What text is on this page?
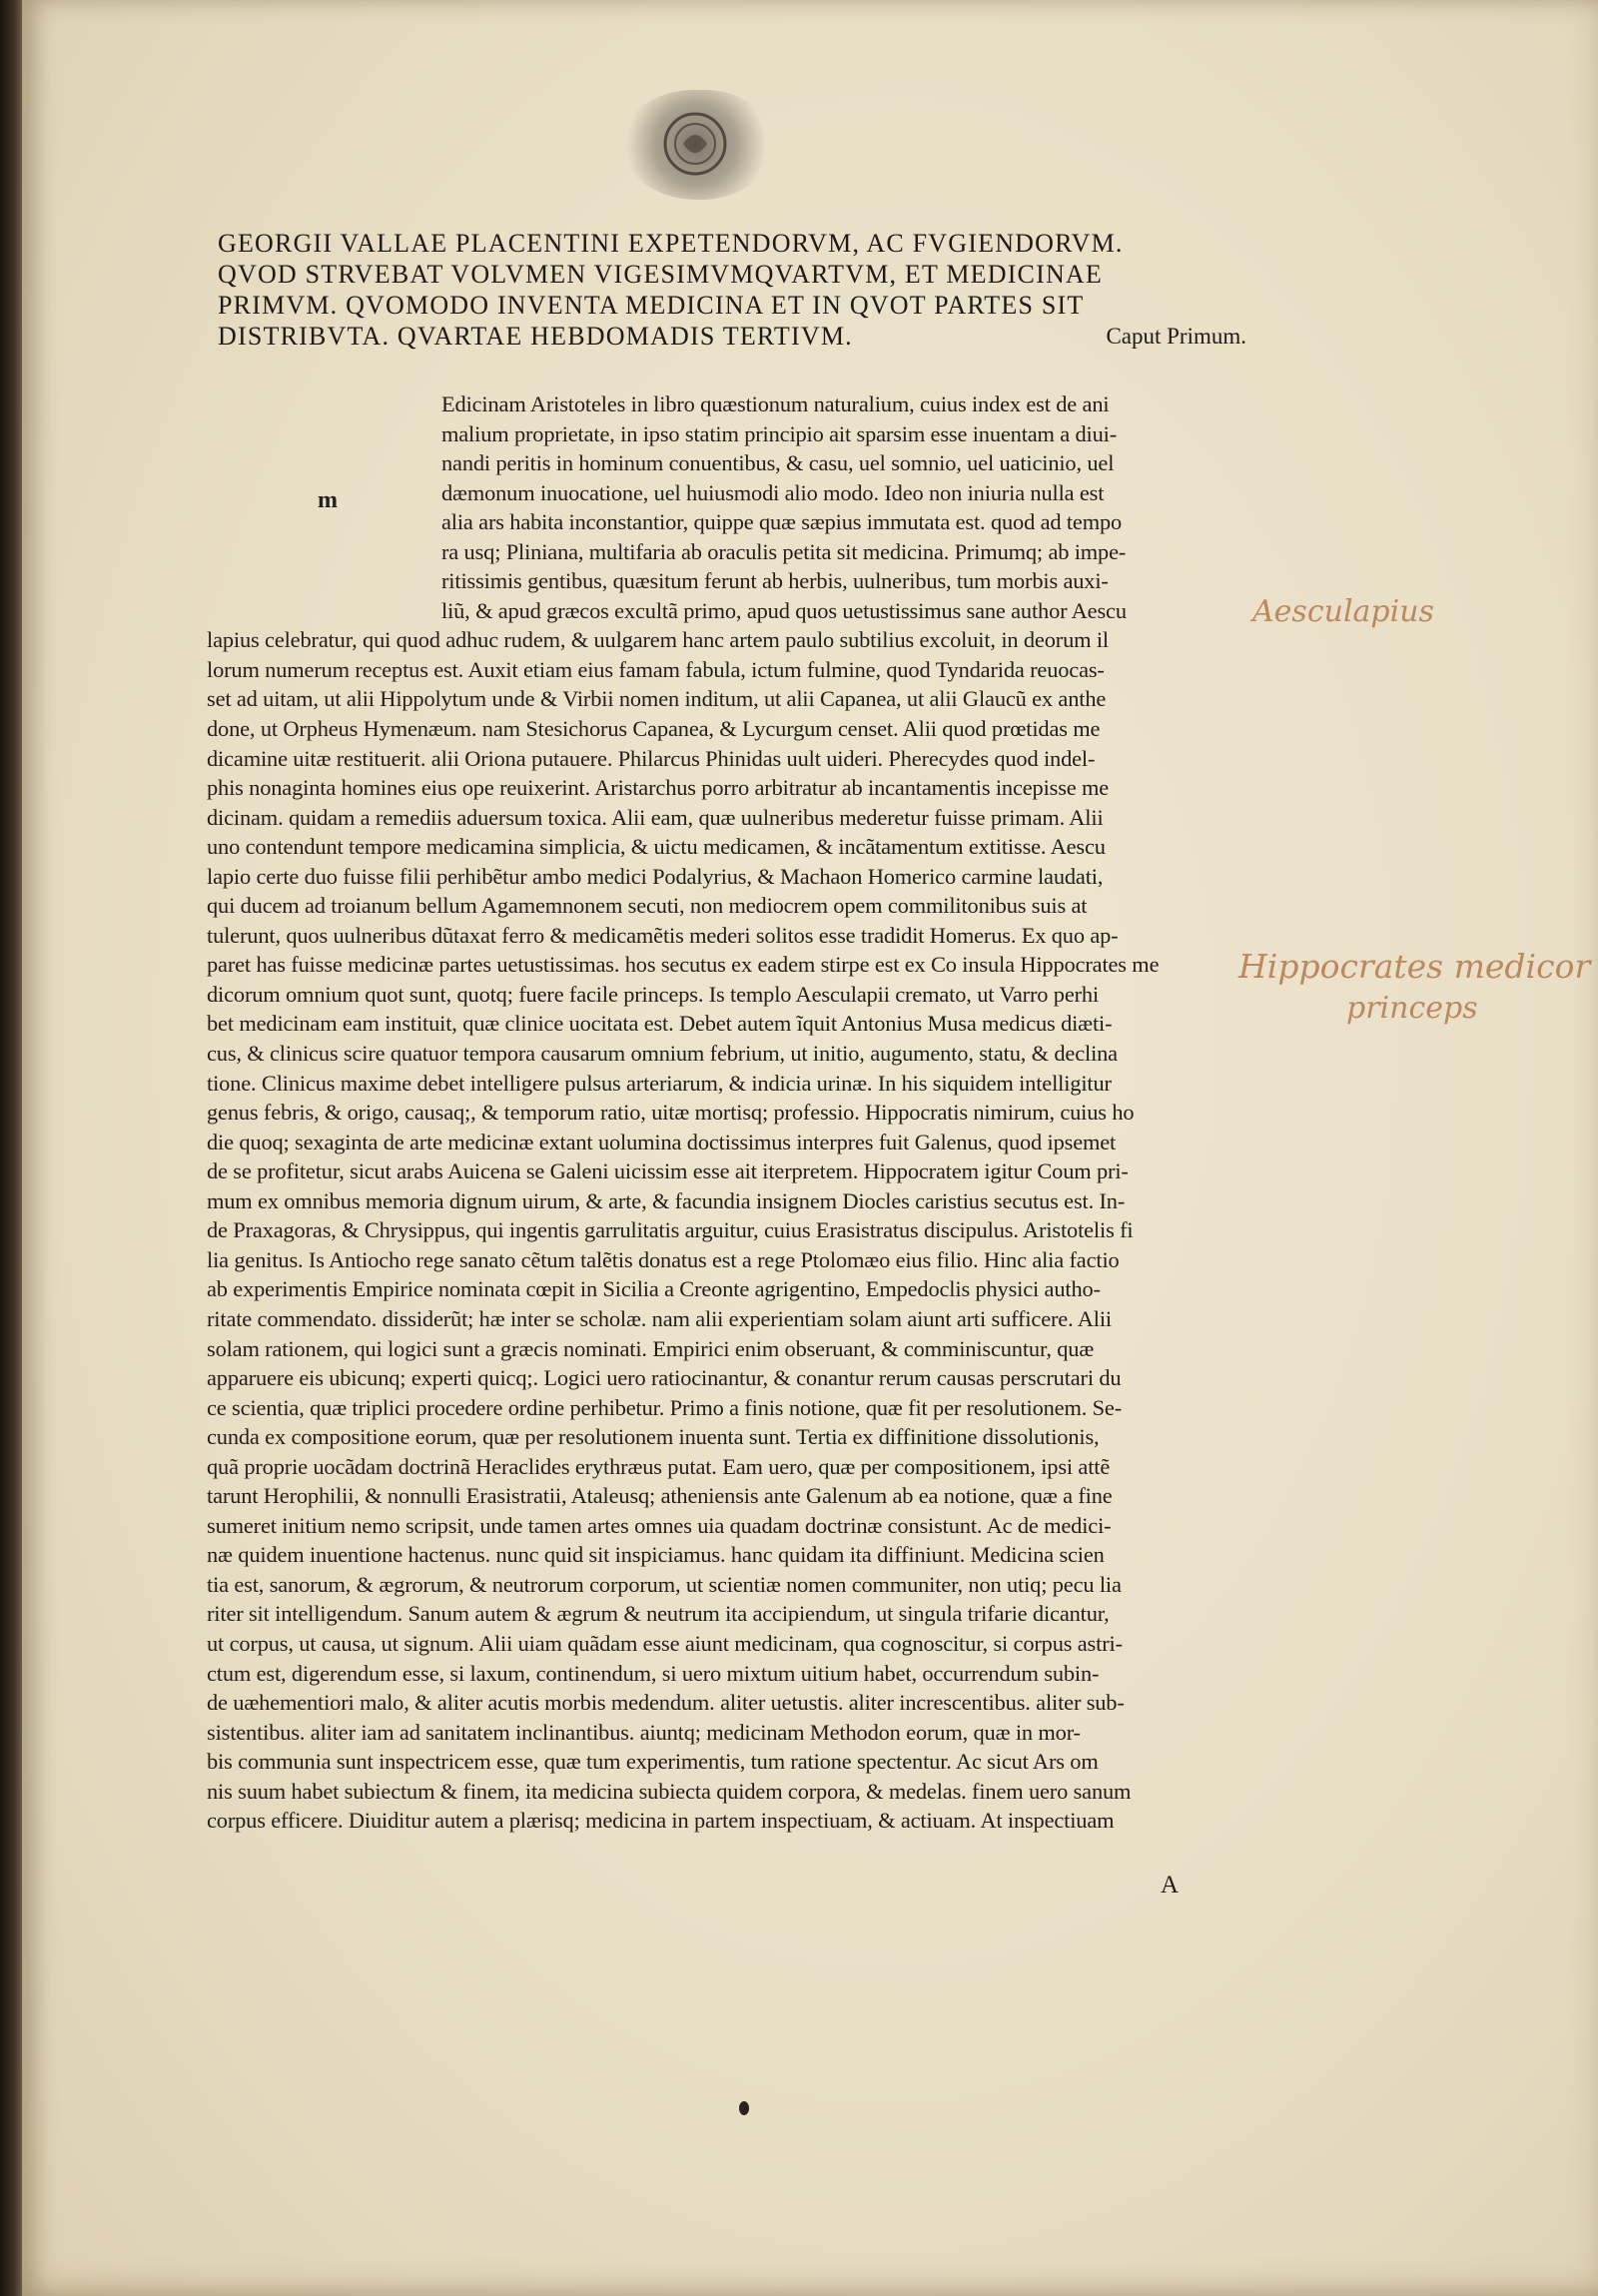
GEORGII VALLAE PLACENTINI EXPETENDORVM, AC FVGIENDORVM.
QVOD STRVEBAT VOLVMEN VIGESIMVMQVARTVM, ET MEDICINAE
PRIMVM. QVOMODO INVENTA MEDICINA ET IN QVOT PARTES SIT
DISTRIBVTA. QVARTAE HEBDOMADIS TERTIVM.	Caput Primum.
m
Edicinam Aristoteles in libro quæstionum naturalium, cuius index est de ani
malium proprietate, in ipso statim principio ait sparsim esse inuentam a diui-
nandi peritis in hominum conuentibus, & casu, uel somnio, uel uaticinio, uel
dæmonum inuocatione, uel huiusmodi alio modo. Ideo non iniuria nulla est
alia ars habita inconstantior, quippe quæ sæpius immutata est. quod ad tempo
ra usq; Pliniana, multifaria ab oraculis petita sit medicina. Primumq; ab impe-
ritissimis gentibus, quæsitum ferunt ab herbis, uulneribus, tum morbis auxi-
liũ, & apud græcos excultã primo, apud quos uetustissimus sane author Aescu
lapius celebratur, qui quod adhuc rudem, & uulgarem hanc artem paulo subtilius excoluit, in deorum il
lorum numerum receptus est. Auxit etiam eius famam fabula, ictum fulmine, quod Tyndarida reuocas-
set ad uitam, ut alii Hippolytum unde & Virbii nomen inditum, ut alii Capanea, ut alii Glaucũ ex anthe
done, ut Orpheus Hymenæum. nam Stesichorus Capanea, & Lycurgum censet. Alii quod prœtidas me
dicamine uitæ restituerit. alii Oriona putauere. Philarcus Phinidas uult uideri. Pherecydes quod indel-
phis nonaginta homines eius ope reuixerint. Aristarchus porro arbitratur ab incantamentis incepisse me
dicinam. quidam a remediis aduersum toxica. Alii eam, quæ uulneribus mederetur fuisse primam. Alii
uno contendunt tempore medicamina simplicia, & uictu medicamen, & incãtamentum extitisse. Aescu
lapio certe duo fuisse filii perhibẽtur ambo medici Podalyrius, & Machaon Homerico carmine laudati,
qui ducem ad troianum bellum Agamemnonem secuti, non mediocrem opem commilitonibus suis at
tulerunt, quos uulneribus dũtaxat ferro & medicamẽtis mederi solitos esse tradidit Homerus. Ex quo ap-
paret has fuisse medicinæ partes uetustissimas. hos secutus ex eadem stirpe est ex Co insula Hippocrates me
dicorum omnium quot sunt, quotq; fuere facile princeps. Is templo Aesculapii cremato, ut Varro perhi
bet medicinam eam instituit, quæ clinice uocitata est. Debet autem ĩquit Antonius Musa medicus diæti-
cus, & clinicus scire quatuor tempora causarum omnium febrium, ut initio, augumento, statu, & declina
tione. Clinicus maxime debet intelligere pulsus arteriarum, & indicia urinæ. In his siquidem intelligitur
genus febris, & origo, causaq;, & temporum ratio, uitæ mortisq; professio. Hippocratis nimirum, cuius ho
die quoq; sexaginta de arte medicinæ extant uolumina doctissimus interpres fuit Galenus, quod ipsemet
de se profitetur, sicut arabs Auicena se Galeni uicissim esse ait iterpretem. Hippocratem igitur Coum pri-
mum ex omnibus memoria dignum uirum, & arte, & facundia insignem Diocles caristius secutus est. In-
de Praxagoras, & Chrysippus, qui ingentis garrulitatis arguitur, cuius Erasistratus discipulus. Aristotelis fi
lia genitus. Is Antiocho rege sanato cẽtum talẽtis donatus est a rege Ptolomæo eius filio. Hinc alia factio
ab experimentis Empirice nominata cœpit in Sicilia a Creonte agrigentino, Empedoclis physici autho-
ritate commendato. dissiderũt; hæ inter se scholæ. nam alii experientiam solam aiunt arti sufficere. Alii
solam rationem, qui logici sunt a græcis nominati. Empirici enim obseruant, & comminiscuntur, quæ
apparuere eis ubicunq; experti quicq;. Logici uero ratiocinantur, & conantur rerum causas perscrutari du
ce scientia, quæ triplici procedere ordine perhibetur. Primo a finis notione, quæ fit per resolutionem. Se-
cunda ex compositione eorum, quæ per resolutionem inuenta sunt. Tertia ex diffinitione dissolutionis,
quã proprie uocãdam doctrinã Heraclides erythræus putat. Eam uero, quæ per compositionem, ipsi attẽ
tarunt Herophilii, & nonnulli Erasistratii, Ataleusq; atheniensis ante Galenum ab ea notione, quæ a fine
sumeret initium nemo scripsit, unde tamen artes omnes uia quadam doctrinæ consistunt. Ac de medici-
næ quidem inuentione hactenus. nunc quid sit inspiciamus. hanc quidam ita diffiniunt. Medicina scien
tia est, sanorum, & ægrorum, & neutrorum corporum, ut scientiæ nomen communiter, non utiq; pecu lia
riter sit intelligendum. Sanum autem & ægrum & neutrum ita accipiendum, ut singula trifarie dicantur,
ut corpus, ut causa, ut signum. Alii uiam quãdam esse aiunt medicinam, qua cognoscitur, si corpus astri-
ctum est, digerendum esse, si laxum, continendum, si uero mixtum uitium habet, occurrendum subin-
de uæhementiori malo, & aliter acutis morbis medendum. aliter uetustis. aliter increscentibus. aliter sub-
sistentibus. aliter iam ad sanitatem inclinantibus. aiuntq; medicinam Methodon eorum, quæ in mor-
bis communia sunt inspectricem esse, quæ tum experimentis, tum ratione spectentur. Ac sicut Ars om
nis suum habet subiectum & finem, ita medicina subiecta quidem corpora, & medelas. finem uero sanum
corpus efficere. Diuiditur autem a plærisq; medicina in partem inspectiuam, & actiuam. At inspectiuam
A
Aesculapius
Hippocrates medicor
princeps
